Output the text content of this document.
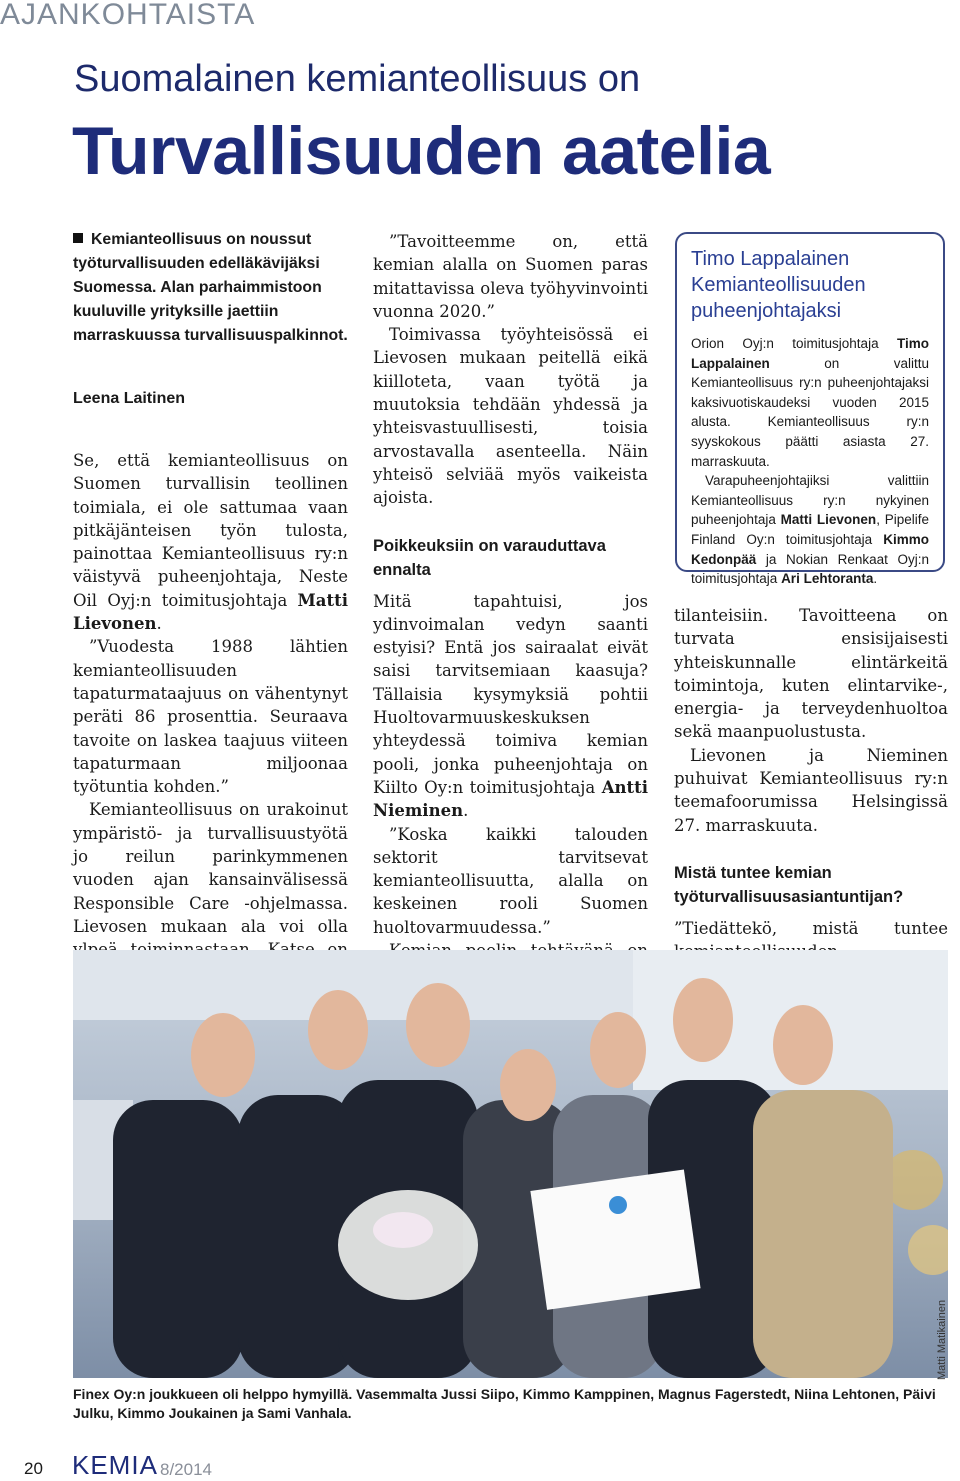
AJANKOHTAISTA
Suomalainen kemianteollisuus on
Turvallisuuden aatelia

Kemianteollisuus on noussut työturvallisuuden edelläkävijäksi Suomessa. Alan parhaimmistoon kuuluville yrityksille jaettiin marraskuussa turvallisuuspalkinnot.

Leena Laitinen

Se, että kemianteollisuus on Suomen turvallisin teollinen toimiala, ei ole sattumaa vaan pitkäjänteisen työn tulosta, painottaa Kemianteollisuus ry:n väistyvä puheenjohtaja, Neste Oil Oyj:n toimitusjohtaja Matti Lievonen.

”Vuodesta 1988 lähtien kemianteollisuuden tapaturmataajuus on vähentynyt peräti 86 prosenttia. Seuraava tavoite on laskea taajuus viiteen tapaturmaan miljoonaa työtuntia kohden.”

Kemianteollisuus on urakoinut ympäristö- ja turvallisuustyötä jo reilun parinkymmenen vuoden ajan kansainvälisessä Responsible Care -ohjelmassa. Lievosen mukaan ala voi olla

”Tavoitteemme on, että kemian alalla on Suomen paras mitattavissa oleva työhyvinvointi vuonna 2020.”

Toimivassa työyhteisössä ei Lievosen mukaan peitellä eikä kiilloteta, vaan työtä ja muutoksia tehdään yhdessä ja yhteisvastuullisesti, toisia arvostavalla asenteella. Näin yhteisö selviää myös vaikeista ajoista.

Poikkeuksiin on varauduttava ennalta

Mitä tapahtuisi, jos ydinvoimalan vedyn saanti estyisi? Entä jos sairaalat eivät saisi tarvitsemiaan kaasuja? Tällaisia kysymyksiä pohtii Huoltovarmuuskeskuksen yhteydessä toimiva kemian pooli, jonka puheenjohtaja on Kiilto Oy:n toimitusjohtaja Antti Nieminen.

”Koska kaikki talouden sektorit tarvitsevat kemianteollisuutta, alalla on keskeinen rooli Suomen huoltovarmuudessa.”

Timo Lappalainen Kemianteollisuuden puheenjohtajaksi

Orion Oyj:n toimitusjohtaja Timo Lappalainen	on valittu Kemianteollisuus ry:n puheenjohtajaksi kaksivuotiskaudeksi vuoden 2015 alusta. Kemianteollisuus ry:n syyskokous päätti asiasta 27. marraskuuta.

Varapuheenjohtajiksi valittiin Kemianteollisuus ry:n nykyinen puheenjohtaja Matti Lievonen, Pipelife Finland Oy:n toimitusjohtaja Kimmo Kedonpää ja Nokian Renkaat Oyj:n toimitusjohtaja Ari Lehtoranta.

tilanteisiin. Tavoitteena on turvata ensisijaisesti yhteiskunnalle elintärkeitä toimintoja, kuten elintarvike-, energia- ja terveydenhuoltoa sekä maanpuolustusta.

Lievonen ja Nieminen puhuivat Kemianteollisuus ry:n teemafoorumissa Helsingissä 27. marraskuuta.

Mistä tuntee kemian työturvallisuusasiantuntijan?

”Tiedättekö, mistä tuntee

Matti Matikainen
Finex Oy:n joukkueen oli helppo hymyillä. Vasemmalta Jussi Siipo, Kimmo Kamppinen, Magnus Fagerstedt, Niina Lehtonen, Päivi Julku, Kimmo Joukainen ja Sami Vanhala.
20 KEMIA 8/2014
